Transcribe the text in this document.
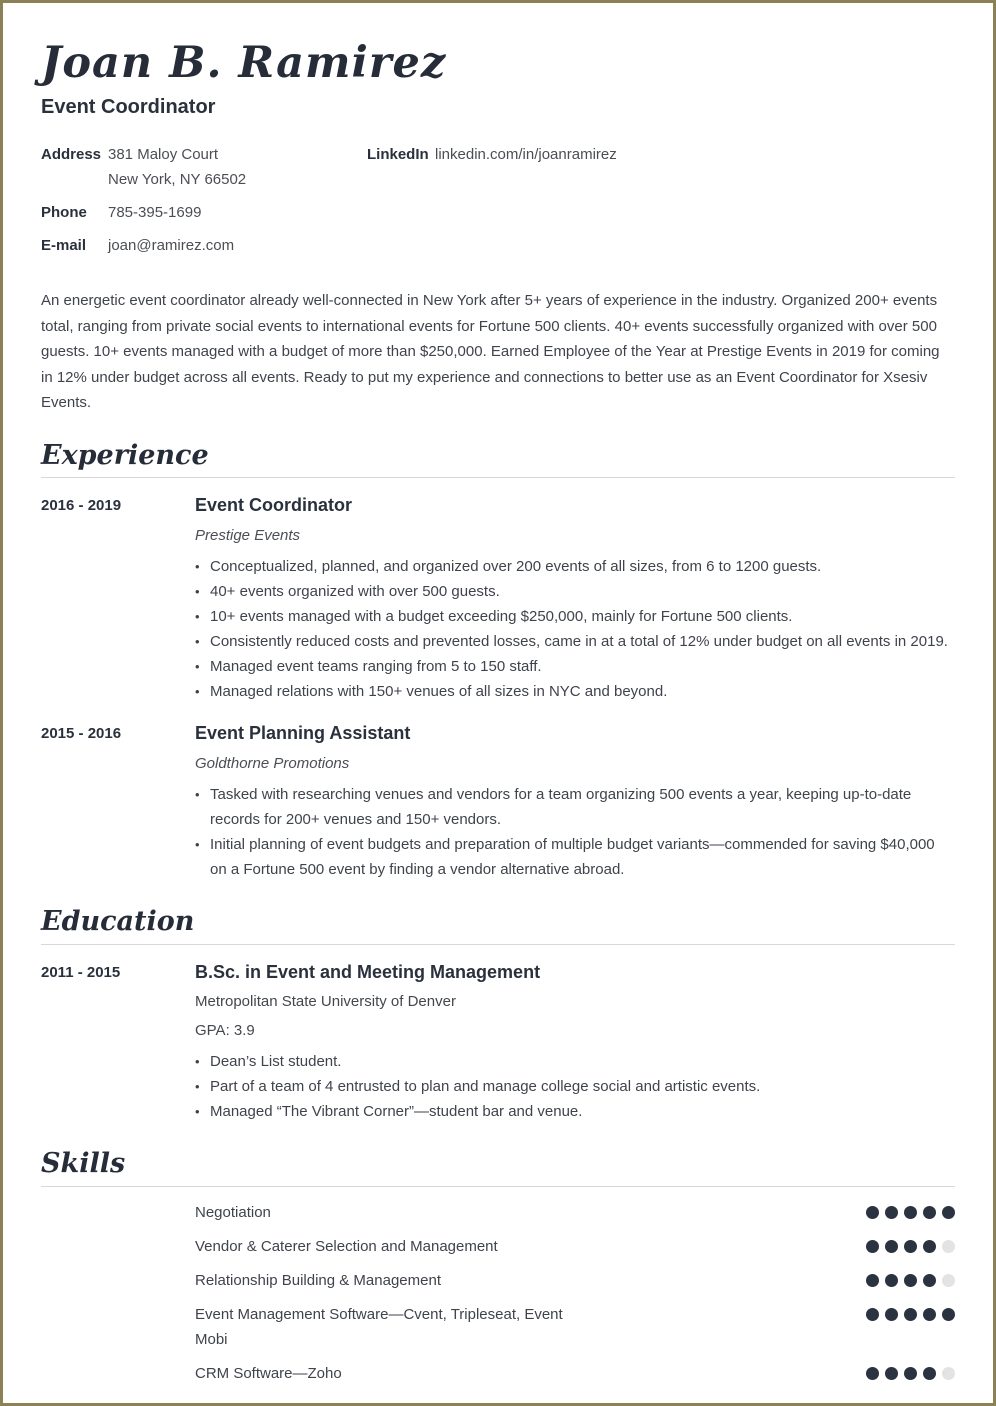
Joan B. Ramirez
Event Coordinator
Address 381 Maloy Court
New York, NY 66502
Phone	785-395-1699
E-mail	joan@ramirez.com
LinkedIn linkedin.com/in/joanramirez

An energetic event coordinator already well-connected in New York after 5+ years of experience in the industry. Organized 200+ events total, ranging from private social events to international events for Fortune 500 clients. 40+ events successfully organized with over 500 guests. 10+ events managed with a budget of more than $250,000. Earned Employee of the Year at Prestige Events in 2019 for coming in 12% under budget across all events. Ready to put my experience and connections to better use as an Event Coordinator for Xsesiv Events.

Experience
2016 - 2019	Event Coordinator
Prestige Events
• Conceptualized, planned, and organized over 200 events of all sizes, from 6 to 1200 guests.
• 40+ events organized with over 500 guests.
• 10+ events managed with a budget exceeding $250,000, mainly for Fortune 500 clients.
• Consistently reduced costs and prevented losses, came in at a total of 12% under budget on all events in 2019.
• Managed event teams ranging from 5 to 150 staff.
• Managed relations with 150+ venues of all sizes in NYC and beyond.
2015 - 2016	Event Planning Assistant
Goldthorne Promotions
• Tasked with researching venues and vendors for a team organizing 500 events a year, keeping up-to-date records for 200+ venues and 150+ vendors.
• Initial planning of event budgets and preparation of multiple budget variants—commended for saving $40,000 on a Fortune 500 event by finding a vendor alternative abroad.
Education
2011 - 2015	B.Sc. in Event and Meeting Management
Metropolitan State University of Denver
GPA: 3.9
• Dean’s List student.
• Part of a team of 4 entrusted to plan and manage college social and artistic events.
• Managed “The Vibrant Corner”—student bar and venue.
Skills
Negotiation
Vendor & Caterer Selection and Management
Relationship Building & Management
Event Management Software—Cvent, Tripleseat, Event Mobi
CRM Software—Zoho
